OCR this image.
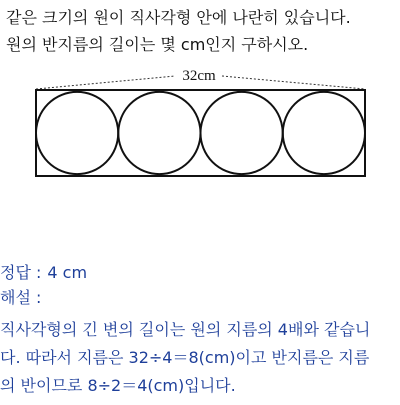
같은 크기의 원이 직사각형 안에 나란히 있습니다.
원의 반지름의 길이는 몇 cm인지 구하시오.
32cm

정답 : 4 cm

해설 :

직사각형의 긴 변의 길이는 원의 지름의 4배와 같습니

다. 따라서 지름은 32÷4＝8(cm)이고 반지름은 지름

의 반이므로 8÷2＝4(cm)입니다.
